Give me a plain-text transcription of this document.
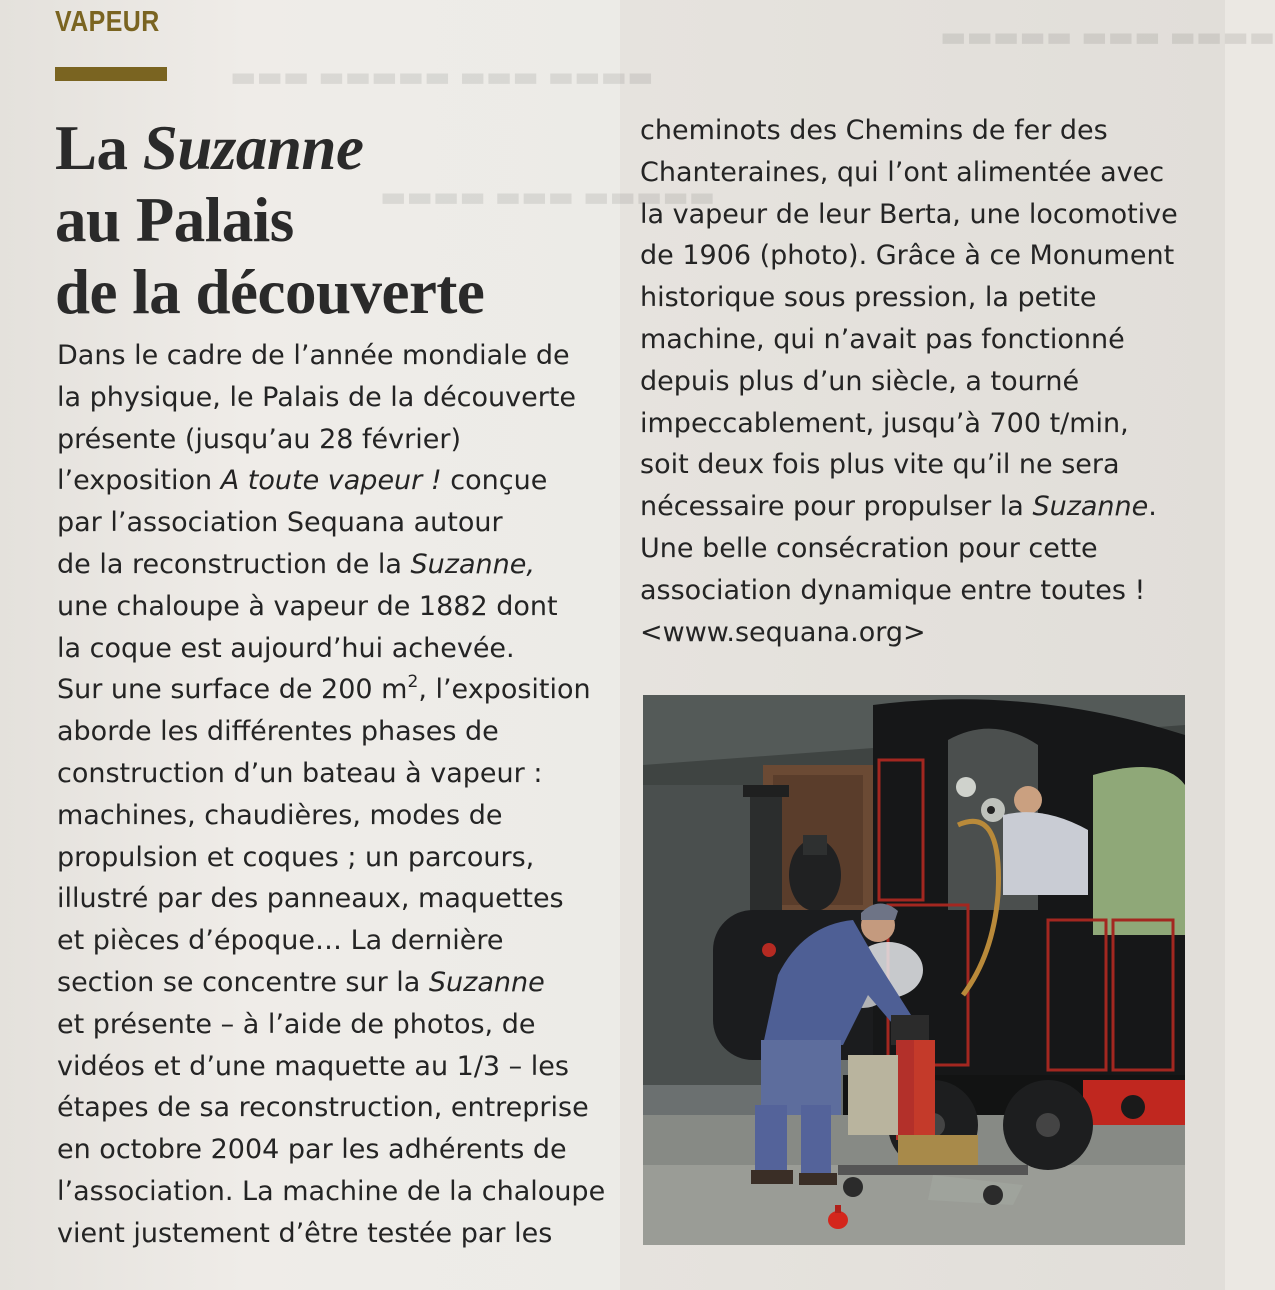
VAPEUR
La Suzanne
au Palais
de la découverte

Dans le cadre de l’année mondiale de
la physique, le Palais de la découverte
présente (jusqu’au 28 février)
l’exposition A toute vapeur ! conçue
par l’association Sequana autour
de la reconstruction de la Suzanne,
une chaloupe à vapeur de 1882 dont
la coque est aujourd’hui achevée.
Sur une surface de 200 $m^2$, l’exposition
aborde les différentes phases de
construction d’un bateau à vapeur :
machines, chaudières, modes de
propulsion et coques ; un parcours,
illustré par des panneaux, maquettes
et pièces d’époque… La dernière
section se concentre sur la Suzanne
et présente – à l’aide de photos, de
vidéos et d’une maquette au 1/3 – les
étapes de sa reconstruction, entreprise
en octobre 2004 par les adhérents de
l’association. La machine de la chaloupe
vient justement d’être testée par les

cheminots des Chemins de fer des
Chanteraines, qui l’ont alimentée avec
la vapeur de leur Berta, une locomotive
de 1906 (photo). Grâce à ce Monument
historique sous pression, la petite
machine, qui n’avait pas fonctionné
depuis plus d’un siècle, a tourné
impeccablement, jusqu’à 700 t/min,
soit deux fois plus vite qu’il ne sera
nécessaire pour propulser la Suzanne.
Une belle consécration pour cette
association dynamique entre toutes !
<www.sequana.org>
